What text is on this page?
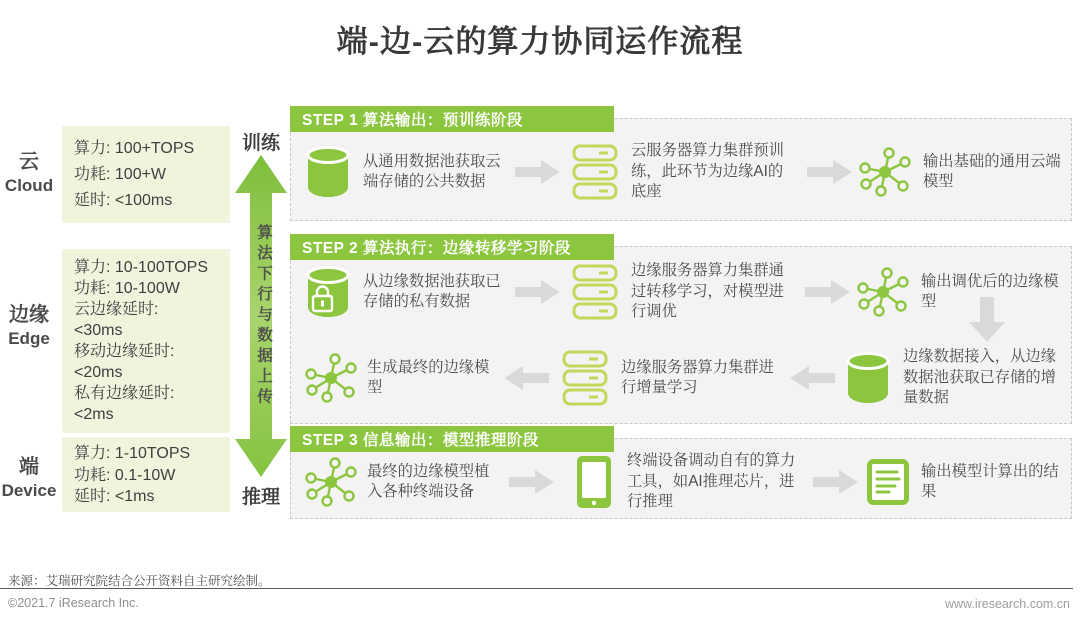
端-边-云的算力协同运作流程
云
Cloud
算力: 100+TOPS
功耗: 100+W
延时: <100ms
边缘
Edge
算力: 10-100TOPS
功耗: 10-100W
云边缘延时:
<30ms
移动边缘延时:
<20ms
私有边缘延时:
<2ms
端
Device
算力: 1-10TOPS
功耗: 0.1-10W
延时: <1ms
训练
算法下行与数据上传
推理
STEP 1 算法输出：预训练阶段
从通用数据池获取云端存储的公共数据
云服务器算力集群预训练，此环节为边缘AI的底座
输出基础的通用云端模型
STEP 2 算法执行：边缘转移学习阶段
从边缘数据池获取已存储的私有数据
边缘服务器算力集群通过转移学习，对模型进行调优
输出调优后的边缘模型
生成最终的边缘模型
边缘服务器算力集群进行增量学习
边缘数据接入，从边缘数据池获取已存储的增量数据
STEP 3 信息输出：模型推理阶段
最终的边缘模型植入各种终端设备
终端设备调动自有的算力工具，如AI推理芯片，进行推理
输出模型计算出的结果
来源：艾瑞研究院结合公开资料自主研究绘制。
©2021.7 iResearch Inc.	www.iresearch.com.cn
